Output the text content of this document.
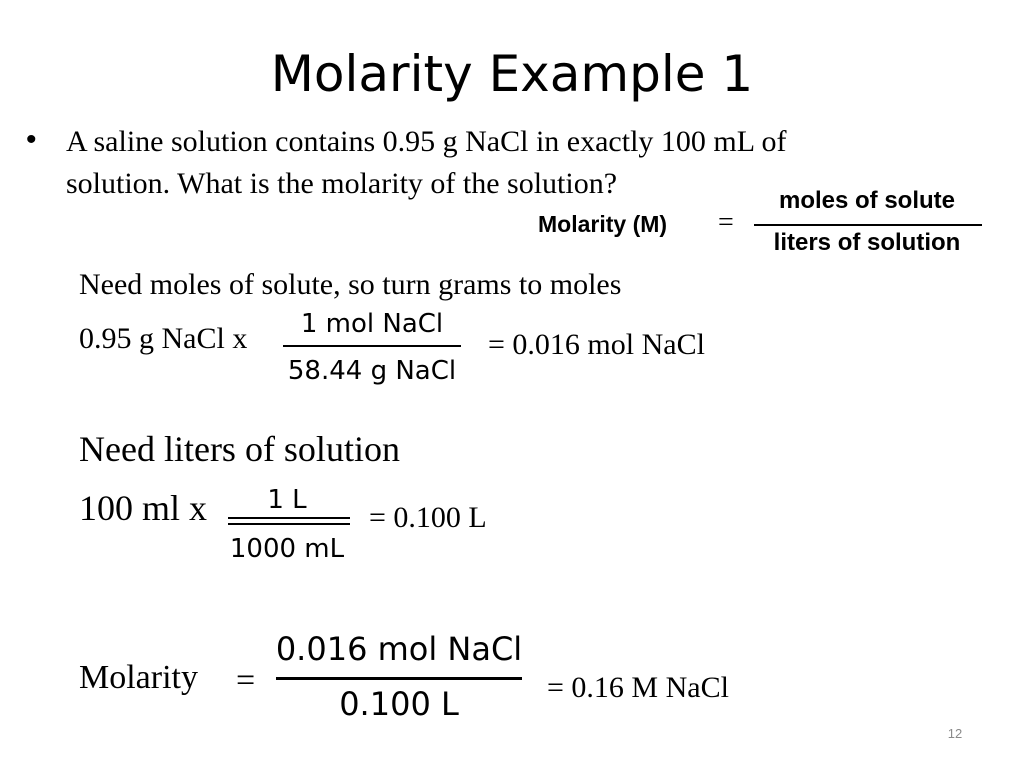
Molarity Example 1
• A saline solution contains 0.95 g NaCl in exactly 100 mL of
solution. What is the molarity of the solution?
Molarity (M) =
moles of solute
liters of solution
Need moles of solute, so turn grams to moles
0.95 g NaCl x	1 mol NaCl
58.44 g NaCl
= 0.016 mol NaCl
Need liters of solution
100 ml x	1 L
1000 mL
= 0.100 L
Molarity =
0.016 mol NaCl
0.100 L	= 0.16 M NaCl
12
